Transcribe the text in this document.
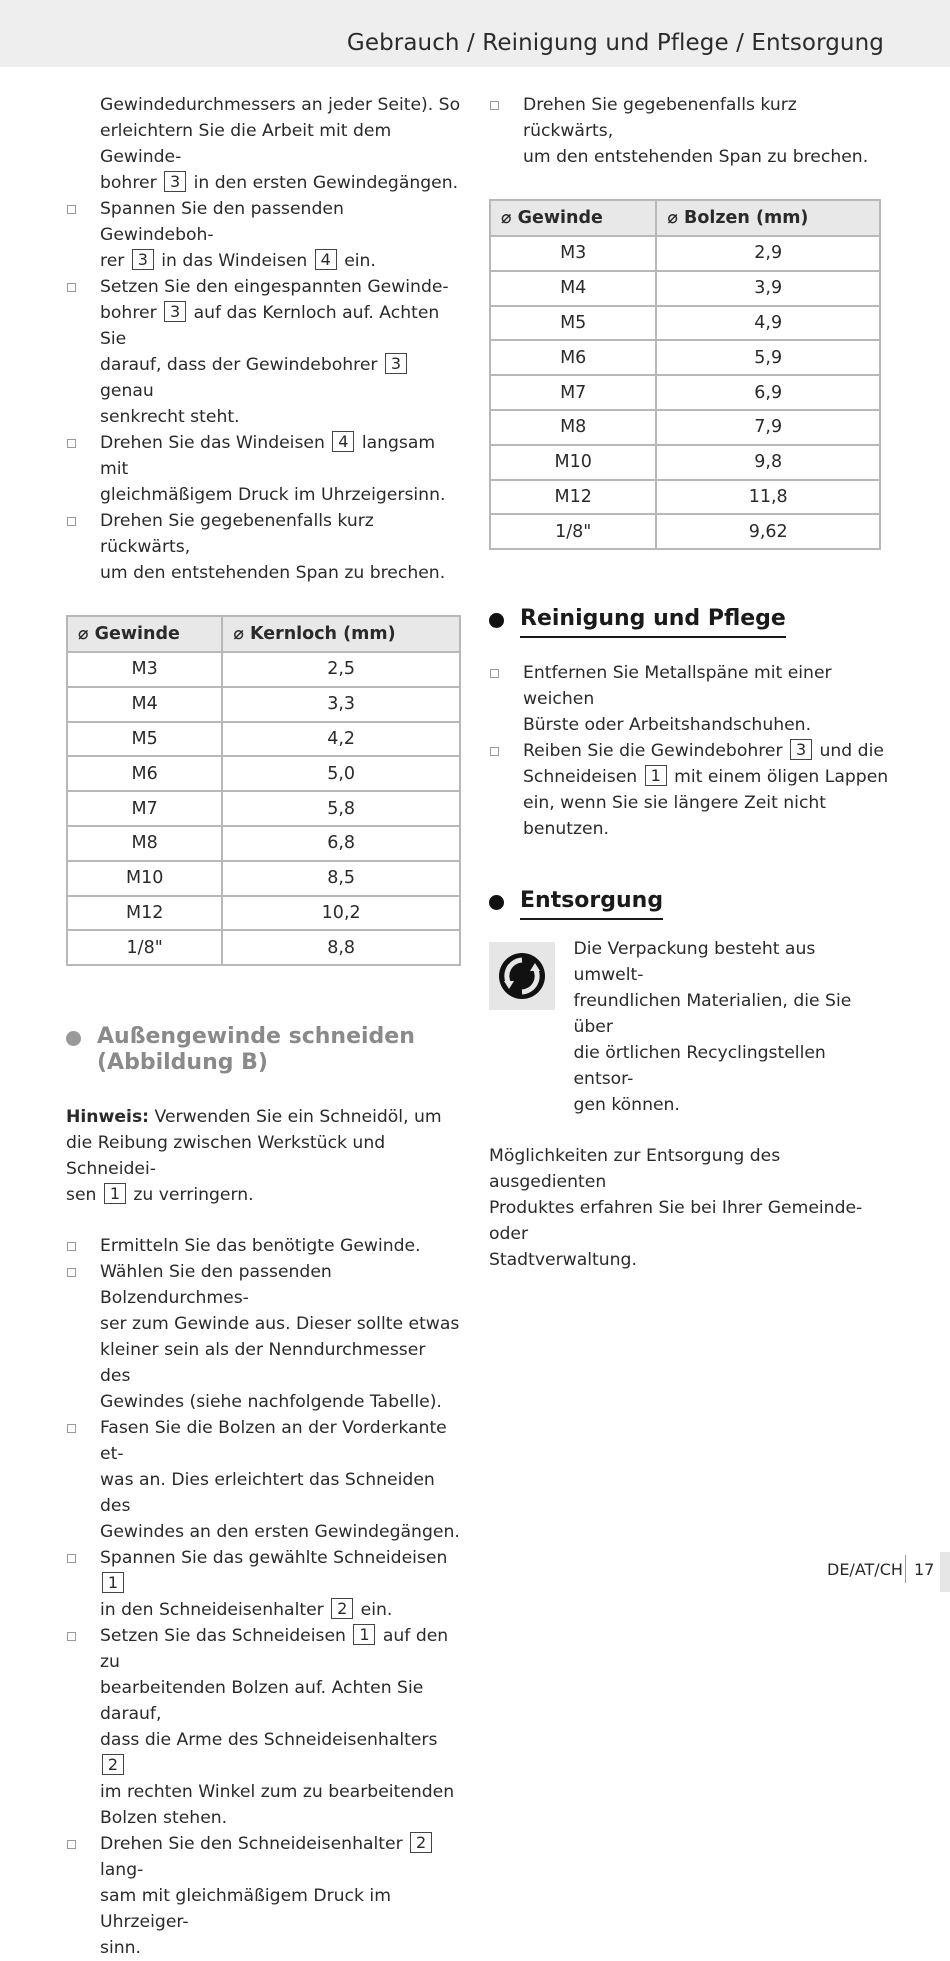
Gebrauch / Reinigung und Pflege / Entsorgung
Gewindedurchmessers an jeder Seite). So
erleichtern Sie die Arbeit mit dem Gewinde-
bohrer 3 in den ersten Gewindegängen.
Spannen Sie den passenden Gewindeboh-
rer 3 in das Windeisen 4 ein.
Setzen Sie den eingespannten Gewinde-
bohrer 3 auf das Kernloch auf. Achten Sie
darauf, dass der Gewindebohrer 3 genau
senkrecht steht.
Drehen Sie das Windeisen 4 langsam mit
gleichmäßigem Druck im Uhrzeigersinn.
Drehen Sie gegebenenfalls kurz rückwärts,
um den entstehenden Span zu brechen.
⌀ Gewinde	⌀ Kernloch (mm)
M3	2,5
M4	3,3
M5	4,2
M6	5,0
M7	5,8
M8	6,8
M10	8,5
M12	10,2
1/8"	8,8
Außengewinde schneiden
(Abbildung B)
Hinweis: Verwenden Sie ein Schneidöl, um
die Reibung zwischen Werkstück und Schneidei-
sen 1 zu verringern.
Ermitteln Sie das benötigte Gewinde.
Wählen Sie den passenden Bolzendurchmes-
ser zum Gewinde aus. Dieser sollte etwas
kleiner sein als der Nenndurchmesser des
Gewindes (siehe nachfolgende Tabelle).
Fasen Sie die Bolzen an der Vorderkante et-
was an. Dies erleichtert das Schneiden des
Gewindes an den ersten Gewindegängen.
Spannen Sie das gewählte Schneideisen 1
in den Schneideisenhalter 2 ein.
Setzen Sie das Schneideisen 1 auf den zu
bearbeitenden Bolzen auf. Achten Sie darauf,
dass die Arme des Schneideisenhalters 2
im rechten Winkel zum zu bearbeitenden
Bolzen stehen.
Drehen Sie den Schneideisenhalter 2 lang-
sam mit gleichmäßigem Druck im Uhrzeiger-
sinn.
Drehen Sie gegebenenfalls kurz rückwärts,
um den entstehenden Span zu brechen.
⌀ Gewinde	⌀ Bolzen (mm)
M3	2,9
M4	3,9
M5	4,9
M6	5,9
M7	6,9
M8	7,9
M10	9,8
M12	11,8
1/8"	9,62
Reinigung und Pflege
Entfernen Sie Metallspäne mit einer weichen
Bürste oder Arbeitshandschuhen.
Reiben Sie die Gewindebohrer 3 und die
Schneideisen 1 mit einem öligen Lappen
ein, wenn Sie sie längere Zeit nicht benutzen.
Entsorgung
Die Verpackung besteht aus umwelt-
freundlichen Materialien, die Sie über
die örtlichen Recyclingstellen entsor-
gen können.
Möglichkeiten zur Entsorgung des ausgedienten
Produktes erfahren Sie bei Ihrer Gemeinde- oder
Stadtverwaltung.
DE/AT/CH 17
